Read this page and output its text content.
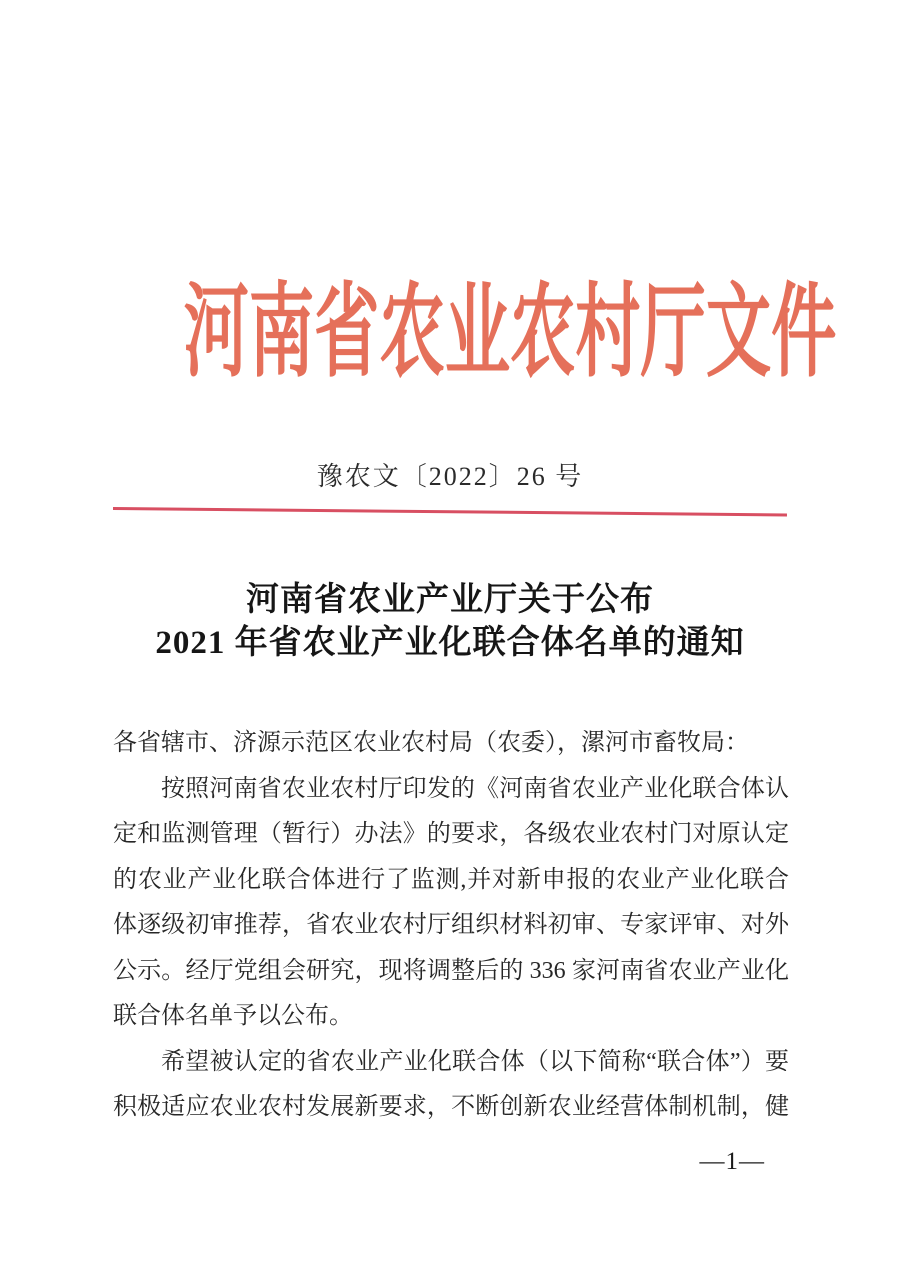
河南省农业农村厅文件
豫农文〔2022〕26 号
河南省农业产业厅关于公布
2021 年省农业产业化联合体名单的通知
各省辖市、济源示范区农业农村局（农委），漯河市畜牧局：
按照河南省农业农村厅印发的《河南省农业产业化联合体认
定和监测管理（暂行）办法》的要求，各级农业农村门对原认定
的农业产业化联合体进行了监测,并对新申报的农业产业化联合
体逐级初审推荐，省农业农村厅组织材料初审、专家评审、对外
公示。经厅党组会研究，现将调整后的 336 家河南省农业产业化
联合体名单予以公布。
希望被认定的省农业产业化联合体（以下简称“联合体”）要
积极适应农业农村发展新要求，不断创新农业经营体制机制，健
—1—
